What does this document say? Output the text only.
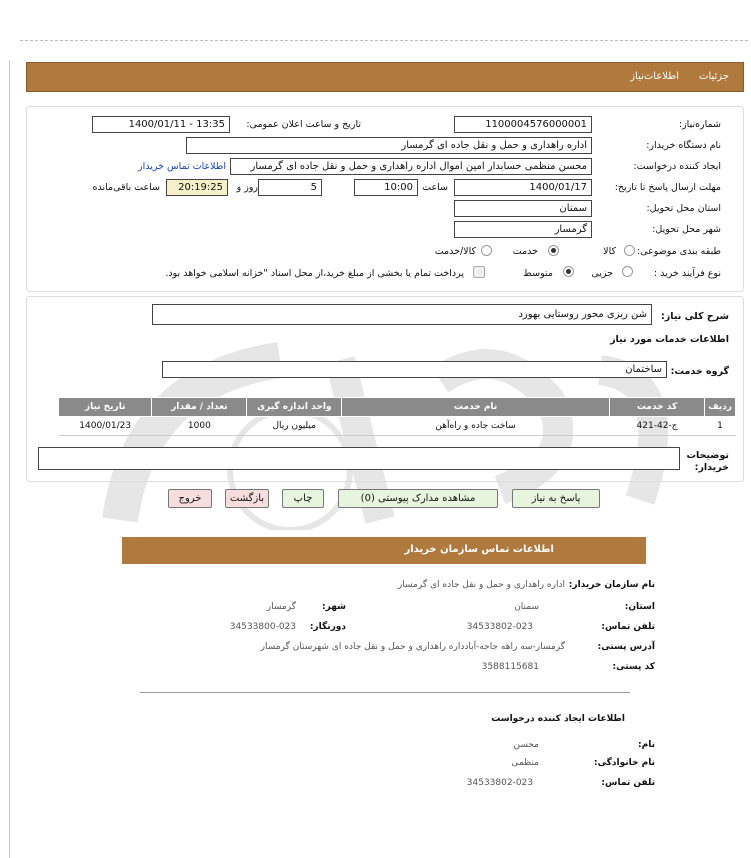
جزئیات
اطلاعات‌نیاز
شماره‌نیاز:
1100004576000001
تاریخ و ساعت اعلان عمومی:
1400/01/11 - 13:35
نام دستگاه خریدار:
اداره راهداری و حمل و نقل جاده ای گرمسار
ایجاد کننده درخواست:
محسن منظمی حسابدار امین اموال اداره راهداری و حمل و نقل جاده ای گرمسار
اطلاعات تماس خریدار
مهلت ارسال پاسخ تا تاریخ:
1400/01/17
ساعت
10:00
5
روز و
20:19:25
ساعت باقی‌مانده
استان محل تحویل:
سمنان
شهر محل تحویل:
گرمسار
طبقه بندی موضوعی:
کالا
خدمت
کالا/خدمت
نوع فرآیند خرید :
جزیی
متوسط
پرداخت تمام یا بخشی از مبلغ خرید،از محل اسناد "خزانه اسلامی خواهد بود.
شرح کلی نیاز:
شن ریزی محور روستایی بهورد
اطلاعات خدمات مورد نیاز
گروه خدمت:
ساختمان
ردیف	کد خدمت	نام خدمت	واحد اندازه گیری	تعداد / مقدار	تاریخ نیاز
1	ج-42-421	ساخت جاده و راه‌آهن	میلیون ریال	1000	1400/01/23
توضیحات خریدار:
پاسخ به نیاز
مشاهده مدارک پیوستی (0)
چاپ
بازگشت
خروج
اطلاعات تماس سازمان خریدار
نام سازمان خریدار:
اداره راهداری و حمل و نقل جاده ای گرمسار
استان:
سمنان
شهر:
گرمسار
تلفن تماس:
34533802-023
دورنگار:
34533800-023
آدرس پستی:
گرمسار-سه راهه جاجه-آبادداره راهداری و حمل و نقل جاده ای شهرستان گرمسار
کد پستی:
3588115681
اطلاعات ایجاد کننده درخواست
نام:
محسن
نام خانوادگی:
منظمی
تلفن تماس:
34533802-023
